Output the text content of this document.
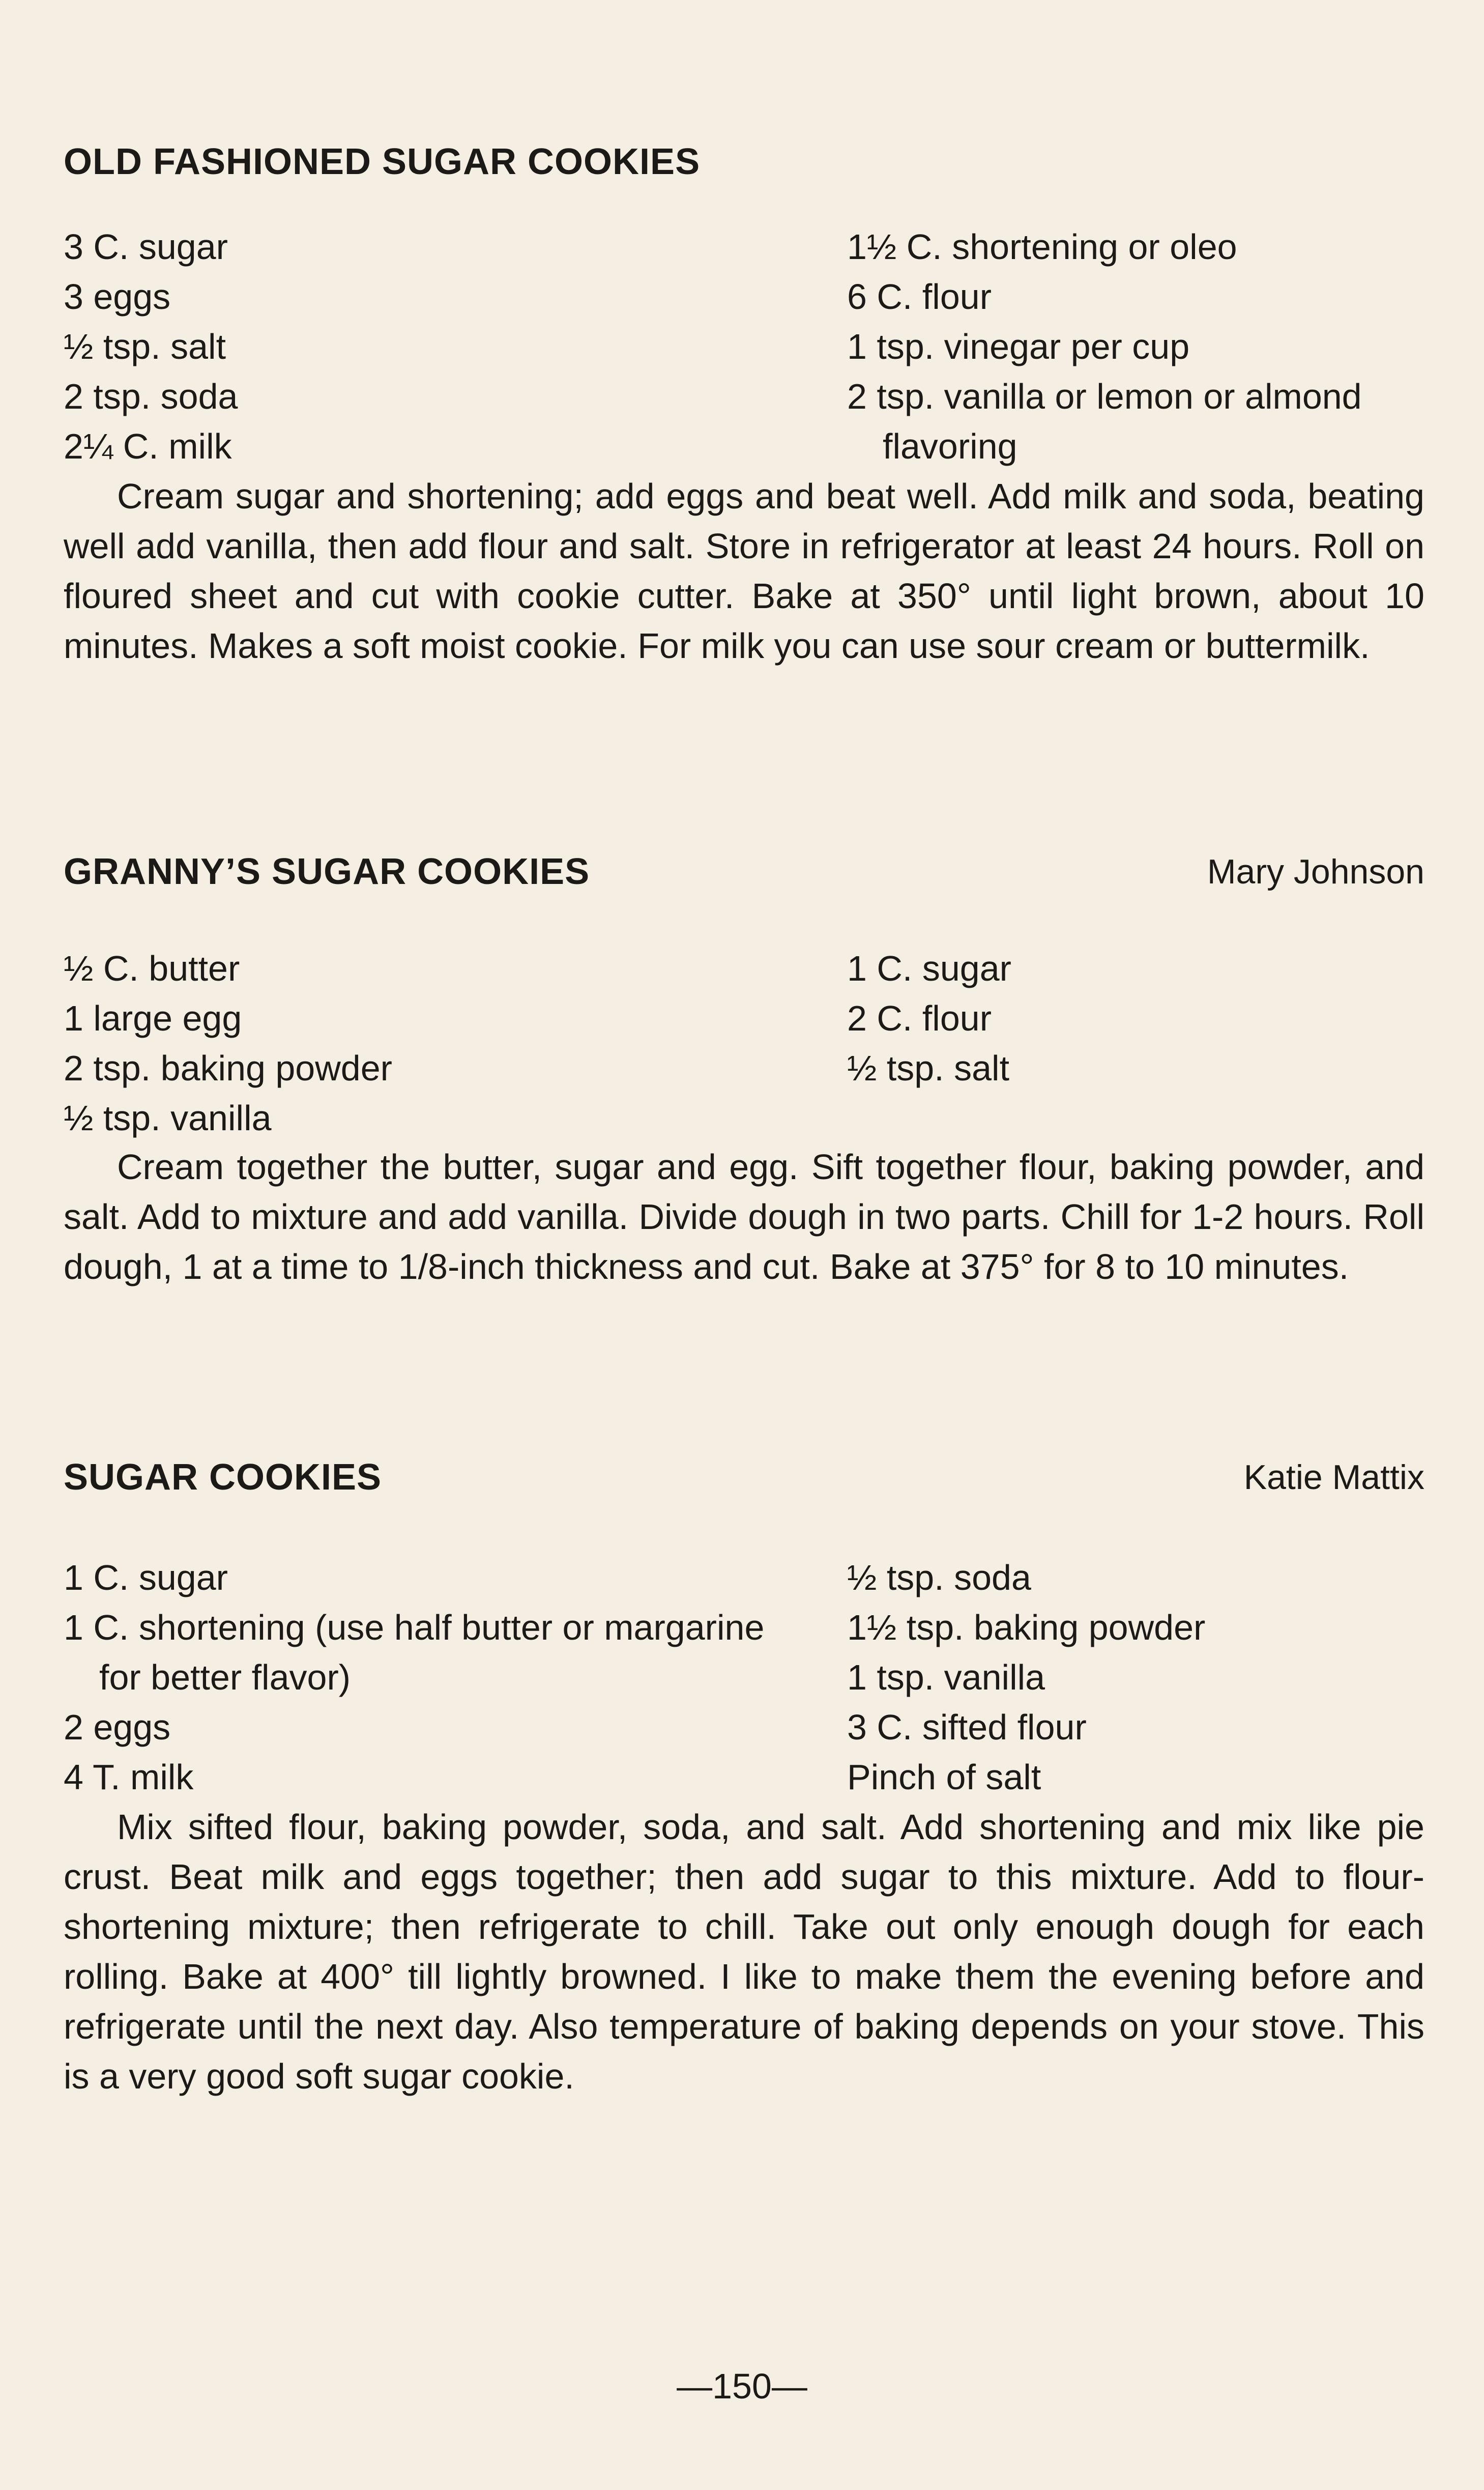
OLD FASHIONED SUGAR COOKIES
3 C. sugar
3 eggs
½ tsp. salt
2 tsp. soda
2¼ C. milk
1½ C. shortening or oleo
6 C. flour
1 tsp. vinegar per cup
2 tsp. vanilla or lemon or almond
flavoring

Cream sugar and shortening; add eggs and beat well. Add milk and soda, beating well add vanilla, then add flour and salt. Store in refrigerator at least 24 hours. Roll on floured sheet and cut with cookie cutter. Bake at 350° until light brown, about 10 minutes. Makes a soft moist cookie. For milk you can use sour cream or buttermilk.

GRANNY’S SUGAR COOKIES	Mary Johnson
½ C. butter
1 large egg
2 tsp. baking powder
½ tsp. vanilla
1 C. sugar
2 C. flour
½ tsp. salt

Cream together the butter, sugar and egg. Sift together flour, baking powder, and salt. Add to mixture and add vanilla. Divide dough in two parts. Chill for 1-2 hours. Roll dough, 1 at a time to 1/8-inch thickness and cut. Bake at 375° for 8 to 10 minutes.

SUGAR COOKIES	Katie Mattix
1 C. sugar
1 C. shortening (use half butter or margarine
for better flavor)
2 eggs
4 T. milk
½ tsp. soda
1½ tsp. baking powder
1 tsp. vanilla
3 C. sifted flour
Pinch of salt

Mix sifted flour, baking powder, soda, and salt. Add shortening and mix like pie crust. Beat milk and eggs together; then add sugar to this mixture. Add to flour-shortening mixture; then refrigerate to chill. Take out only enough dough for each rolling. Bake at 400° till lightly browned. I like to make them the evening before and refrigerate until the next day. Also temperature of baking depends on your stove. This is a very good soft sugar cookie.

—150—
